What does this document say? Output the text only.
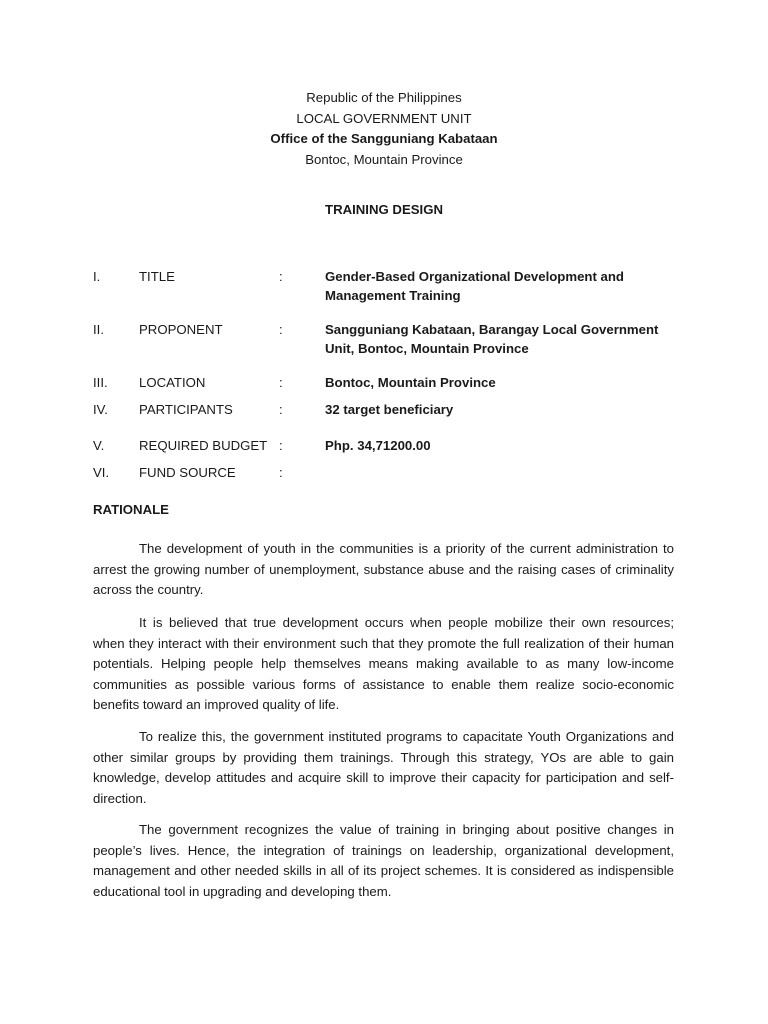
Republic of the Philippines
LOCAL GOVERNMENT UNIT
Office of the Sangguniang Kabataan
Bontoc, Mountain Province
TRAINING DESIGN
I.	TITLE	:	Gender-Based Organizational Development and Management Training
II.	PROPONENT	:	Sangguniang Kabataan, Barangay Local Government Unit, Bontoc, Mountain Province
III. LOCATION	:	Bontoc, Mountain Province
IV. PARTICIPANTS	:	32 target beneficiary
V.	REQUIRED BUDGET :	Php. 34,71200.00
VI. FUND SOURCE	:
RATIONALE

The development of youth in the communities is a priority of the current administration to arrest the growing number of unemployment, substance abuse and the raising cases of criminality across the country.

It is believed that true development occurs when people mobilize their own resources; when they interact with their environment such that they promote the full realization of their human potentials. Helping people help themselves means making available to as many low-income communities as possible various forms of assistance to enable them realize socio-economic benefits toward an improved quality of life.

To realize this, the government instituted programs to capacitate Youth Organizations and other similar groups by providing them trainings. Through this strategy, YOs are able to gain knowledge, develop attitudes and acquire skill to improve their capacity for participation and self-direction.

The government recognizes the value of training in bringing about positive changes in people’s lives. Hence, the integration of trainings on leadership, organizational development, management and other needed skills in all of its project schemes. It is considered as indispensible educational tool in upgrading and developing them.
